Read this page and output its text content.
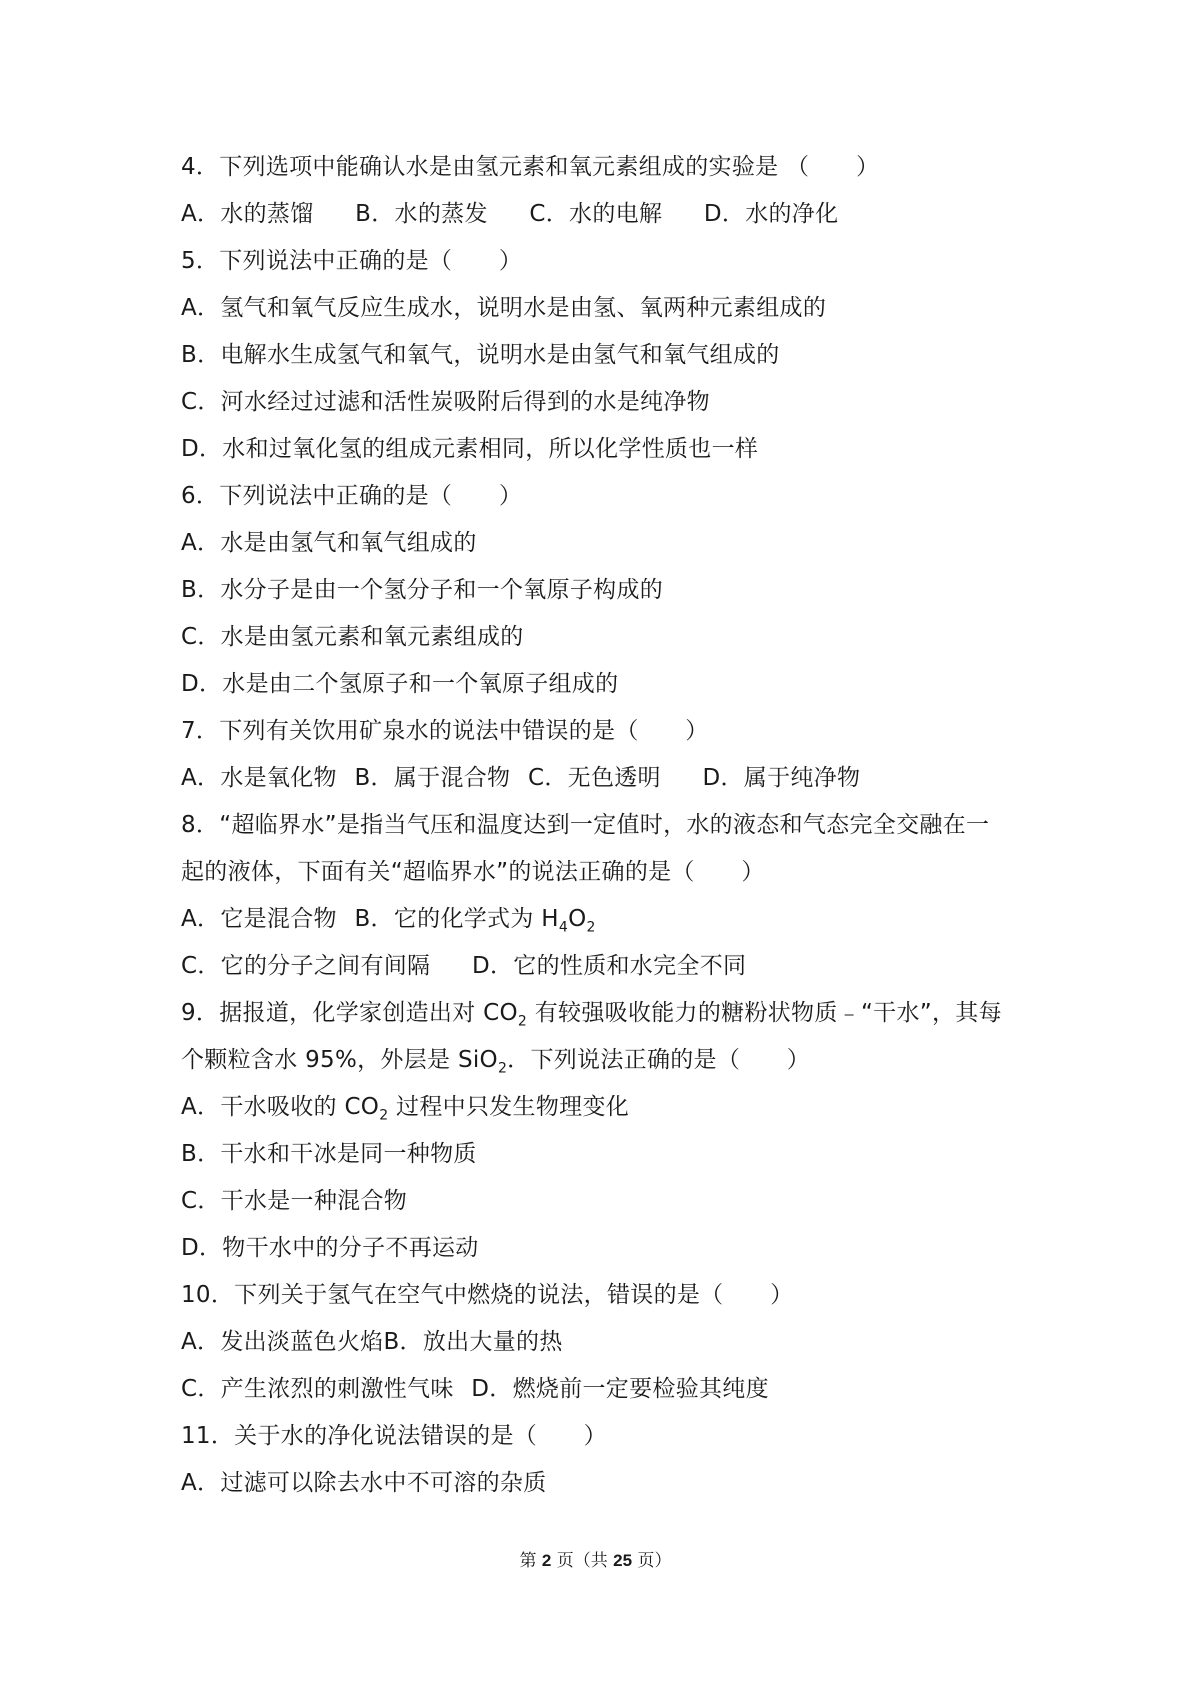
4．下列选项中能确认水是由氢元素和氧元素组成的实验是 （　　）
A．水的蒸馏 B．水的蒸发 C．水的电解 D．水的净化
5．下列说法中正确的是（　　）
A．氢气和氧气反应生成水，说明水是由氢、氧两种元素组成的
B．电解水生成氢气和氧气，说明水是由氢气和氧气组成的
C．河水经过过滤和活性炭吸附后得到的水是纯净物
D．水和过氧化氢的组成元素相同，所以化学性质也一样
6．下列说法中正确的是（　　）
A．水是由氢气和氧气组成的
B．水分子是由一个氢分子和一个氧原子构成的
C．水是由氢元素和氧元素组成的
D．水是由二个氢原子和一个氧原子组成的
7．下列有关饮用矿泉水的说法中错误的是（　　）
A．水是氧化物 B．属于混合物 C．无色透明 D．属于纯净物
8．“超临界水”是指当气压和温度达到一定值时，水的液态和气态完全交融在一
起的液体，下面有关“超临界水”的说法正确的是（　　）
A．它是混合物 B．它的化学式为 $H_4O_2$
C．它的分子之间有间隔 D．它的性质和水完全不同
9．据报道，化学家创造出对 $CO_2$ 有较强吸收能力的糖粉状物质﹣“干水”，其每
个颗粒含水 95%，外层是 SiO$_2$．下列说法正确的是（　　）
A．干水吸收的 $CO_2$ 过程中只发生物理变化
B．干水和干冰是同一种物质
C．干水是一种混合物
D．物干水中的分子不再运动
10．下列关于氢气在空气中燃烧的说法，错误的是（　　）
A．发出淡蓝色火焰B．放出大量的热
C．产生浓烈的刺激性气味 D．燃烧前一定要检验其纯度
11．关于水的净化说法错误的是（　　）
A．过滤可以除去水中不可溶的杂质
第 2 页（共 25 页）
